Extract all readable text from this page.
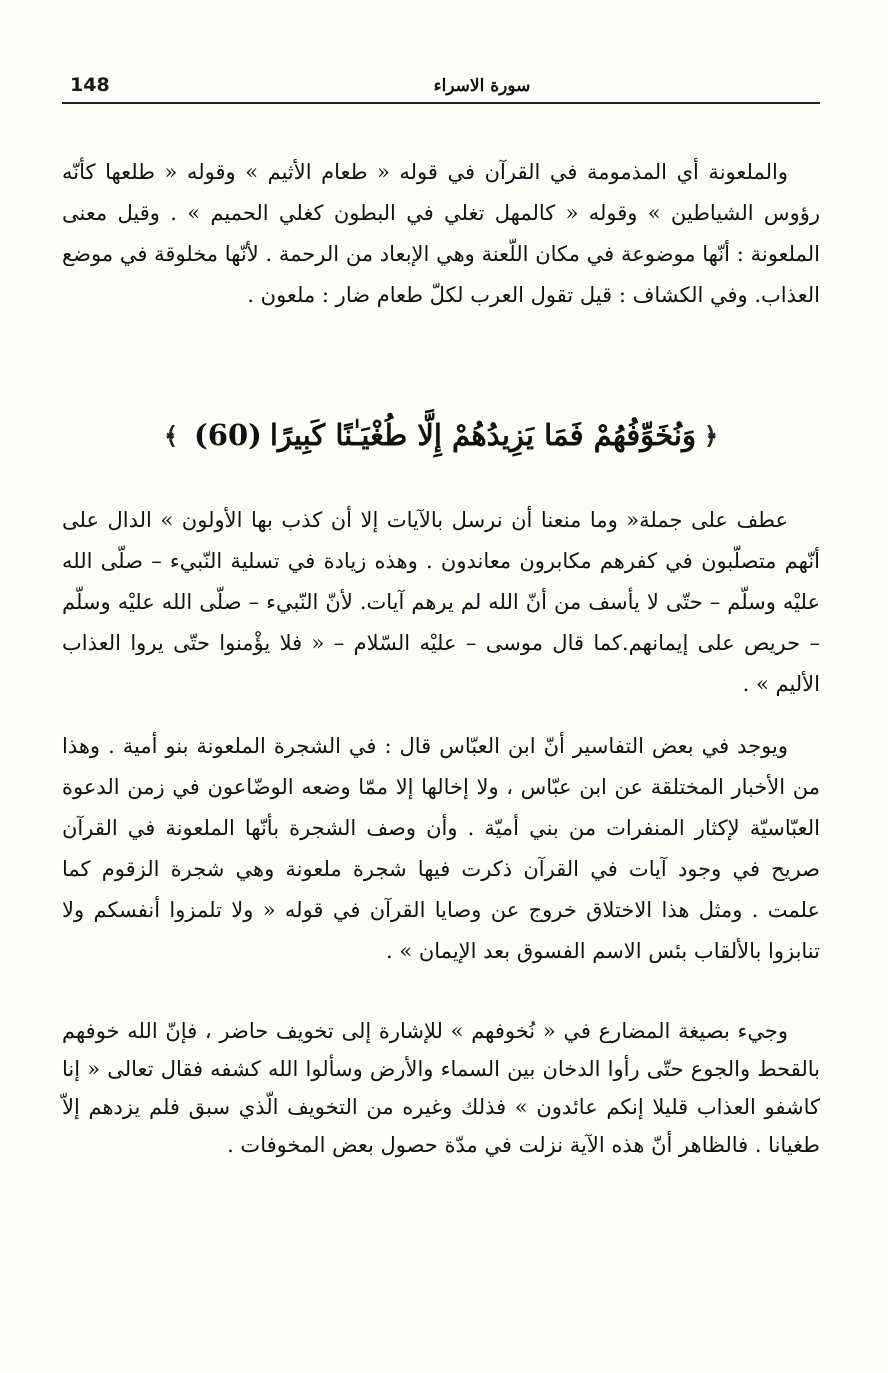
148	سورة الاسراء

والملعونة أي المذمومة في القرآن في قوله « طعام الأثيم » وقوله « طلعها كأنّه رؤوس الشياطين » وقوله « كالمهل تغلي في البطون كغلي الحميم » . وقيل معنى الملعونة : أنّها موضوعة في مكان اللّعنة وهي الإبعاد من الرحمة . لأنّها مخلوقة في موضع العذاب. وفي الكشاف : قيل تقول العرب لكلّ طعام ضار : ملعون .

﴿
وَنُخَوِّفُهُمْ فَمَا يَزِيدُهُمْ إِلَّا طُغْيَـٰنًا كَبِيرًا
(60)
﴾

عطف على جملة« وما منعنا أن نرسل بالآيات إلا أن كذب بها الأولون » الدال على أنّهم متصلّبون في كفرهم مكابرون معاندون . وهذه زيادة في تسلية النّبيء – صلّى الله عليْه وسلّم – حتّى لا يأسف من أنّ الله لم يرهم آيات. لأنّ النّبيء – صلّى الله عليْه وسلّم – حريص على إيمانهم.كما قال موسى – عليْه السّلام – « فلا يؤْمنوا حتّى يروا العذاب الأليم » .

ويوجد في بعض التفاسير أنّ ابن العبّاس قال : في الشجرة الملعونة بنو أمية . وهذا من الأخبار المختلقة عن ابن عبّاس ، ولا إخالها إلا ممّا وضعه الوضّاعون في زمن الدعوة العبّاسيّة لإكثار المنفرات من بني أميّة . وأن وصف الشجرة بأنّها الملعونة في القرآن صريح في وجود آيات في القرآن ذكرت فيها شجرة ملعونة وهي شجرة الزقوم كما علمت . ومثل هذا الاختلاق خروج عن وصايا القرآن في قوله « ولا تلمزوا أنفسكم ولا تنابزوا بالألقاب بئس الاسم الفسوق بعد الإيمان » .

وجيء بصيغة المضارع في « نُخوفهم » للإشارة إلى تخويف حاضر ، فإنّ الله خوفهم بالقحط والجوع حتّى رأوا الدخان بين السماء والأرض وسألوا الله كشفه فقال تعالى « إنا كاشفو العذاب قليلا إنكم عائدون » فذلك وغيره من التخويف الّذي سبق فلم يزدهم إلاّ طغيانا . فالظاهر أنّ هذه الآية نزلت في مدّة حصول بعض المخوفات .
